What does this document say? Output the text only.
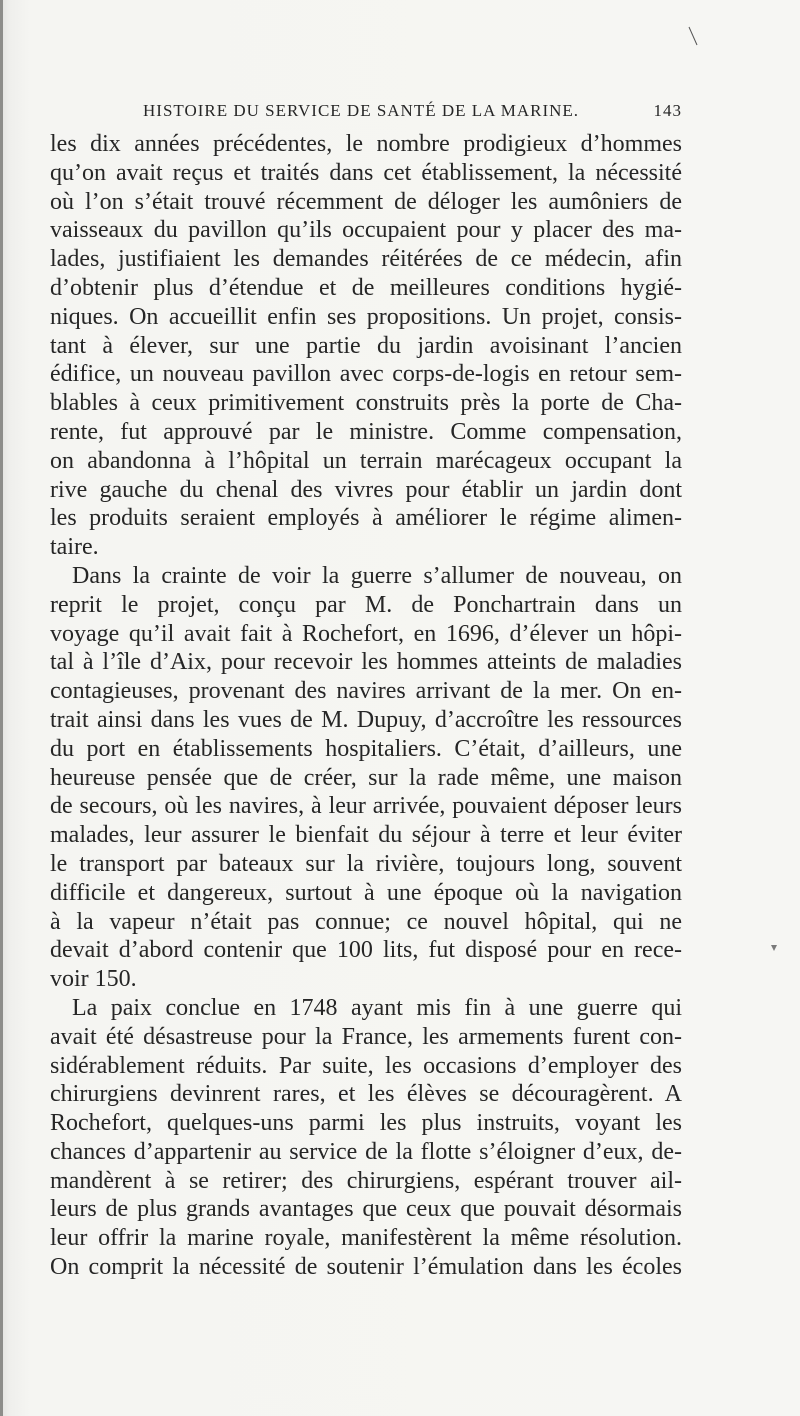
HISTOIRE DU SERVICE DE SANTÉ DE LA MARINE.	143
les dix années précédentes, le nombre prodigieux d’hommes
qu’on avait reçus et traités dans cet établissement, la nécessité
où l’on s’était trouvé récemment de déloger les aumôniers de
vaisseaux du pavillon qu’ils occupaient pour y placer des ma-
lades, justifiaient les demandes réitérées de ce médecin, afin
d’obtenir plus d’étendue et de meilleures conditions hygié-
niques. On accueillit enfin ses propositions. Un projet, consis-
tant à élever, sur une partie du jardin avoisinant l’ancien
édifice, un nouveau pavillon avec corps-de-logis en retour sem-
blables à ceux primitivement construits près la porte de Cha-
rente, fut approuvé par le ministre. Comme compensation,
on abandonna à l’hôpital un terrain marécageux occupant la
rive gauche du chenal des vivres pour établir un jardin dont
les produits seraient employés à améliorer le régime alimen-
taire.
Dans la crainte de voir la guerre s’allumer de nouveau, on
reprit le projet, conçu par M. de Ponchartrain dans un
voyage qu’il avait fait à Rochefort, en 1696, d’élever un hôpi-
tal à l’île d’Aix, pour recevoir les hommes atteints de maladies
contagieuses, provenant des navires arrivant de la mer. On en-
trait ainsi dans les vues de M. Dupuy, d’accroître les ressources
du port en établissements hospitaliers. C’était, d’ailleurs, une
heureuse pensée que de créer, sur la rade même, une maison
de secours, où les navires, à leur arrivée, pouvaient déposer leurs
malades, leur assurer le bienfait du séjour à terre et leur éviter
le transport par bateaux sur la rivière, toujours long, souvent
difficile et dangereux, surtout à une époque où la navigation
à la vapeur n’était pas connue; ce nouvel hôpital, qui ne
devait d’abord contenir que 100 lits, fut disposé pour en rece-
voir 150.
La paix conclue en 1748 ayant mis fin à une guerre qui
avait été désastreuse pour la France, les armements furent con-
sidérablement réduits. Par suite, les occasions d’employer des
chirurgiens devinrent rares, et les élèves se découragèrent. A
Rochefort, quelques-uns parmi les plus instruits, voyant les
chances d’appartenir au service de la flotte s’éloigner d’eux, de-
mandèrent à se retirer; des chirurgiens, espérant trouver ail-
leurs de plus grands avantages que ceux que pouvait désormais
leur offrir la marine royale, manifestèrent la même résolution.
On comprit la nécessité de soutenir l’émulation dans les écoles
